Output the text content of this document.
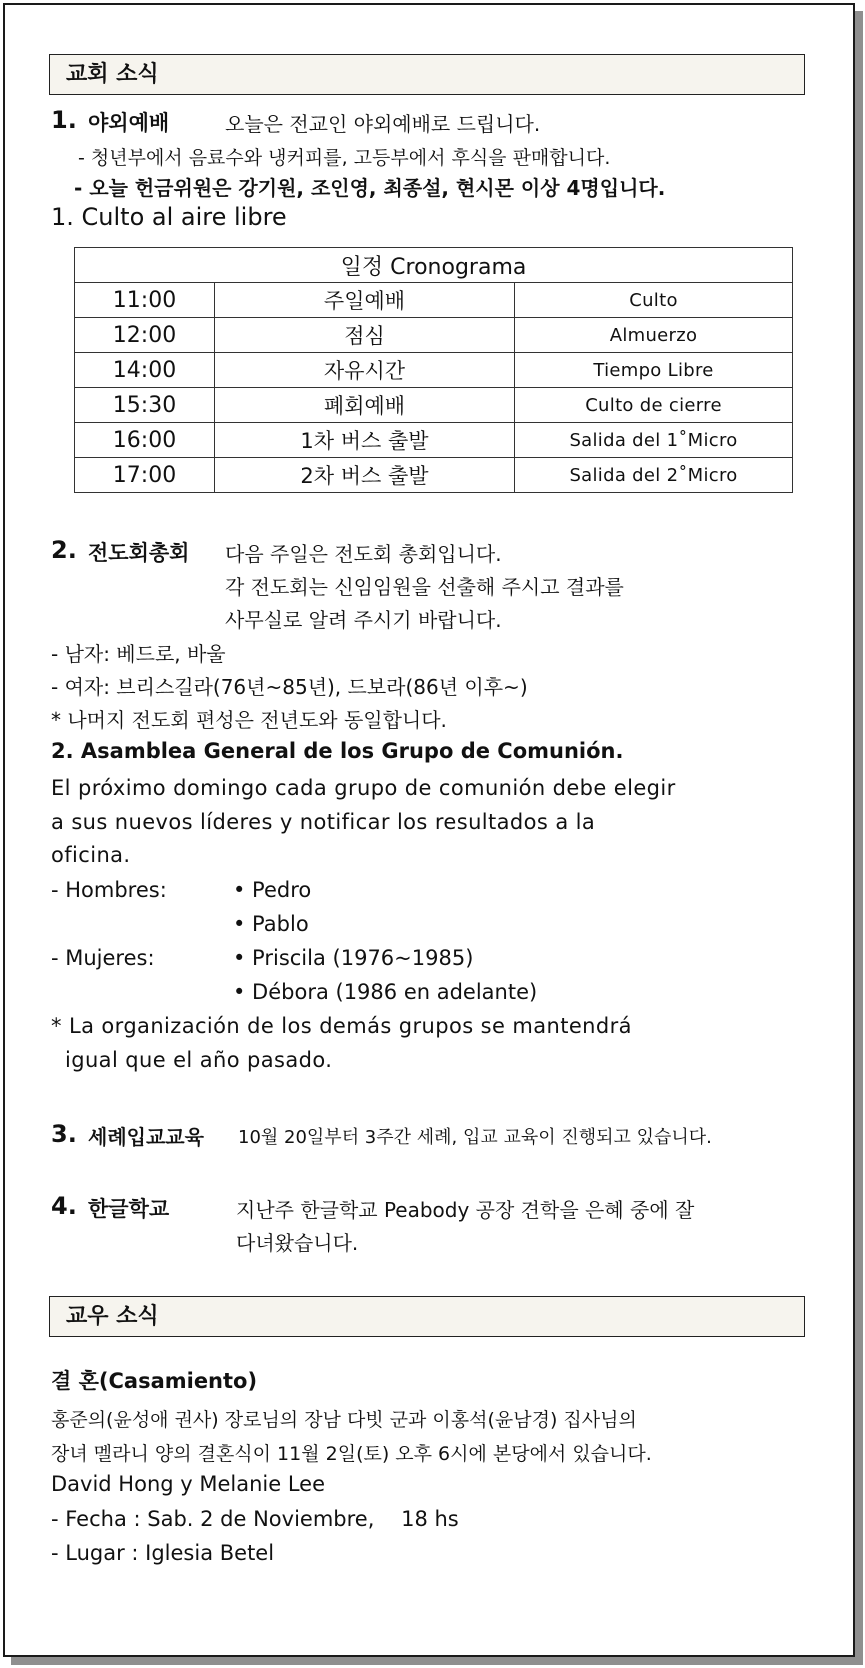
교회 소식
1. 야외예배	오늘은 전교인 야외예배로 드립니다.
- 청년부에서 음료수와 냉커피를, 고등부에서 후식을 판매합니다.
- 오늘 헌금위원은 강기원, 조인영, 최종설, 현시몬 이상 4명입니다.
1. Culto al aire libre
일정 Cronograma		
11:00	주일예배	Culto
12:00	점심	Almuerzo
14:00	자유시간	Tiempo Libre
15:30	폐회예배	Culto de cierre
16:00	1차 버스 출발	Salida del 1˚Micro
17:00	2차 버스 출발	Salida del 2˚Micro
2. 전도회총회 다음 주일은 전도회 총회입니다.
각 전도회는 신임임원을 선출해 주시고 결과를
사무실로 알려 주시기 바랍니다.
- 남자: 베드로, 바울
- 여자: 브리스길라(76년~85년), 드보라(86년 이후~)
* 나머지 전도회 편성은 전년도와 동일합니다.
2. Asamblea General de los Grupo de Comunión.
El próximo domingo cada grupo de comunión debe elegir
a sus nuevos líderes y notificar los resultados a la
oficina.
- Hombres:	• Pedro
• Pablo
- Mujeres:	• Priscila (1976~1985)
• Débora (1986 en adelante)
* La organización de los demás grupos se mantendrá
igual que el año pasado.
3. 세례입교교육 10월 20일부터 3주간 세례, 입교 교육이 진행되고 있습니다.
4. 한글학교	지난주 한글학교 Peabody 공장 견학을 은혜 중에 잘
다녀왔습니다.
교우 소식
결 혼(Casamiento)
홍준의(윤성애 권사) 장로님의 장남 다빗 군과 이홍석(윤남경) 집사님의
장녀 멜라니 양의 결혼식이 11월 2일(토) 오후 6시에 본당에서 있습니다.
David Hong y Melanie Lee
- Fecha : Sab. 2 de Noviembre,    18 hs
- Lugar : Iglesia Betel
